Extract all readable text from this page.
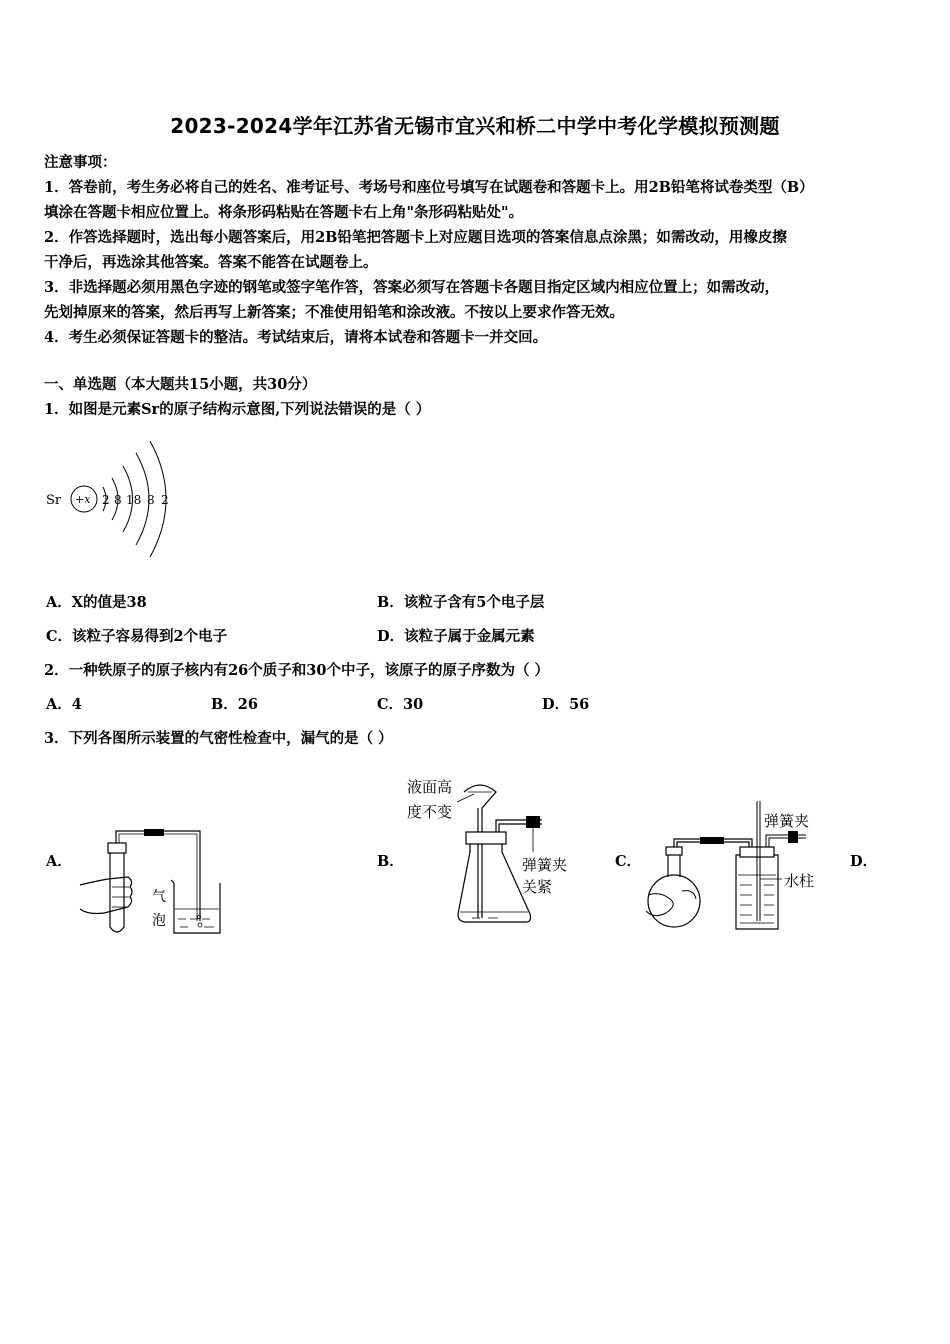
2023-2024学年江苏省无锡市宜兴和桥二中学中考化学模拟预测题

注意事项：

1．答卷前，考生务必将自己的姓名、准考证号、考场号和座位号填写在试题卷和答题卡上。用2B铅笔将试卷类型（B）

填涂在答题卡相应位置上。将条形码粘贴在答题卡右上角"条形码粘贴处"。

2．作答选择题时，选出每小题答案后，用2B铅笔把答题卡上对应题目选项的答案信息点涂黑；如需改动，用橡皮擦

干净后，再选涂其他答案。答案不能答在试题卷上。

3．非选择题必须用黑色字迹的钢笔或签字笔作答，答案必须写在答题卡各题目指定区域内相应位置上；如需改动，

先划掉原来的答案，然后再写上新答案；不准使用铅笔和涂改液。不按以上要求作答无效。

4．考生必须保证答题卡的整洁。考试结束后，请将本试卷和答题卡一并交回。

一、单选题（本大题共15小题，共30分）
1．如图是元素Sr的原子结构示意图,下列说法错误的是（ ）
Sr +x 2 8 18 8 2
A．X的值是38	B．该粒子含有5个电子层
C．该粒子容易得到2个电子	D．该粒子属于金属元素
2．一种铁原子的原子核内有26个质子和30个中子，该原子的原子序数为（ ）
A．4	B．26	C．30	D．56
3．下列各图所示装置的气密性检查中，漏气的是（ ）
A．	B．	C．	D．
气
泡
液面高
度不变
弹簧夹
关紧
弹簧夹
水柱
